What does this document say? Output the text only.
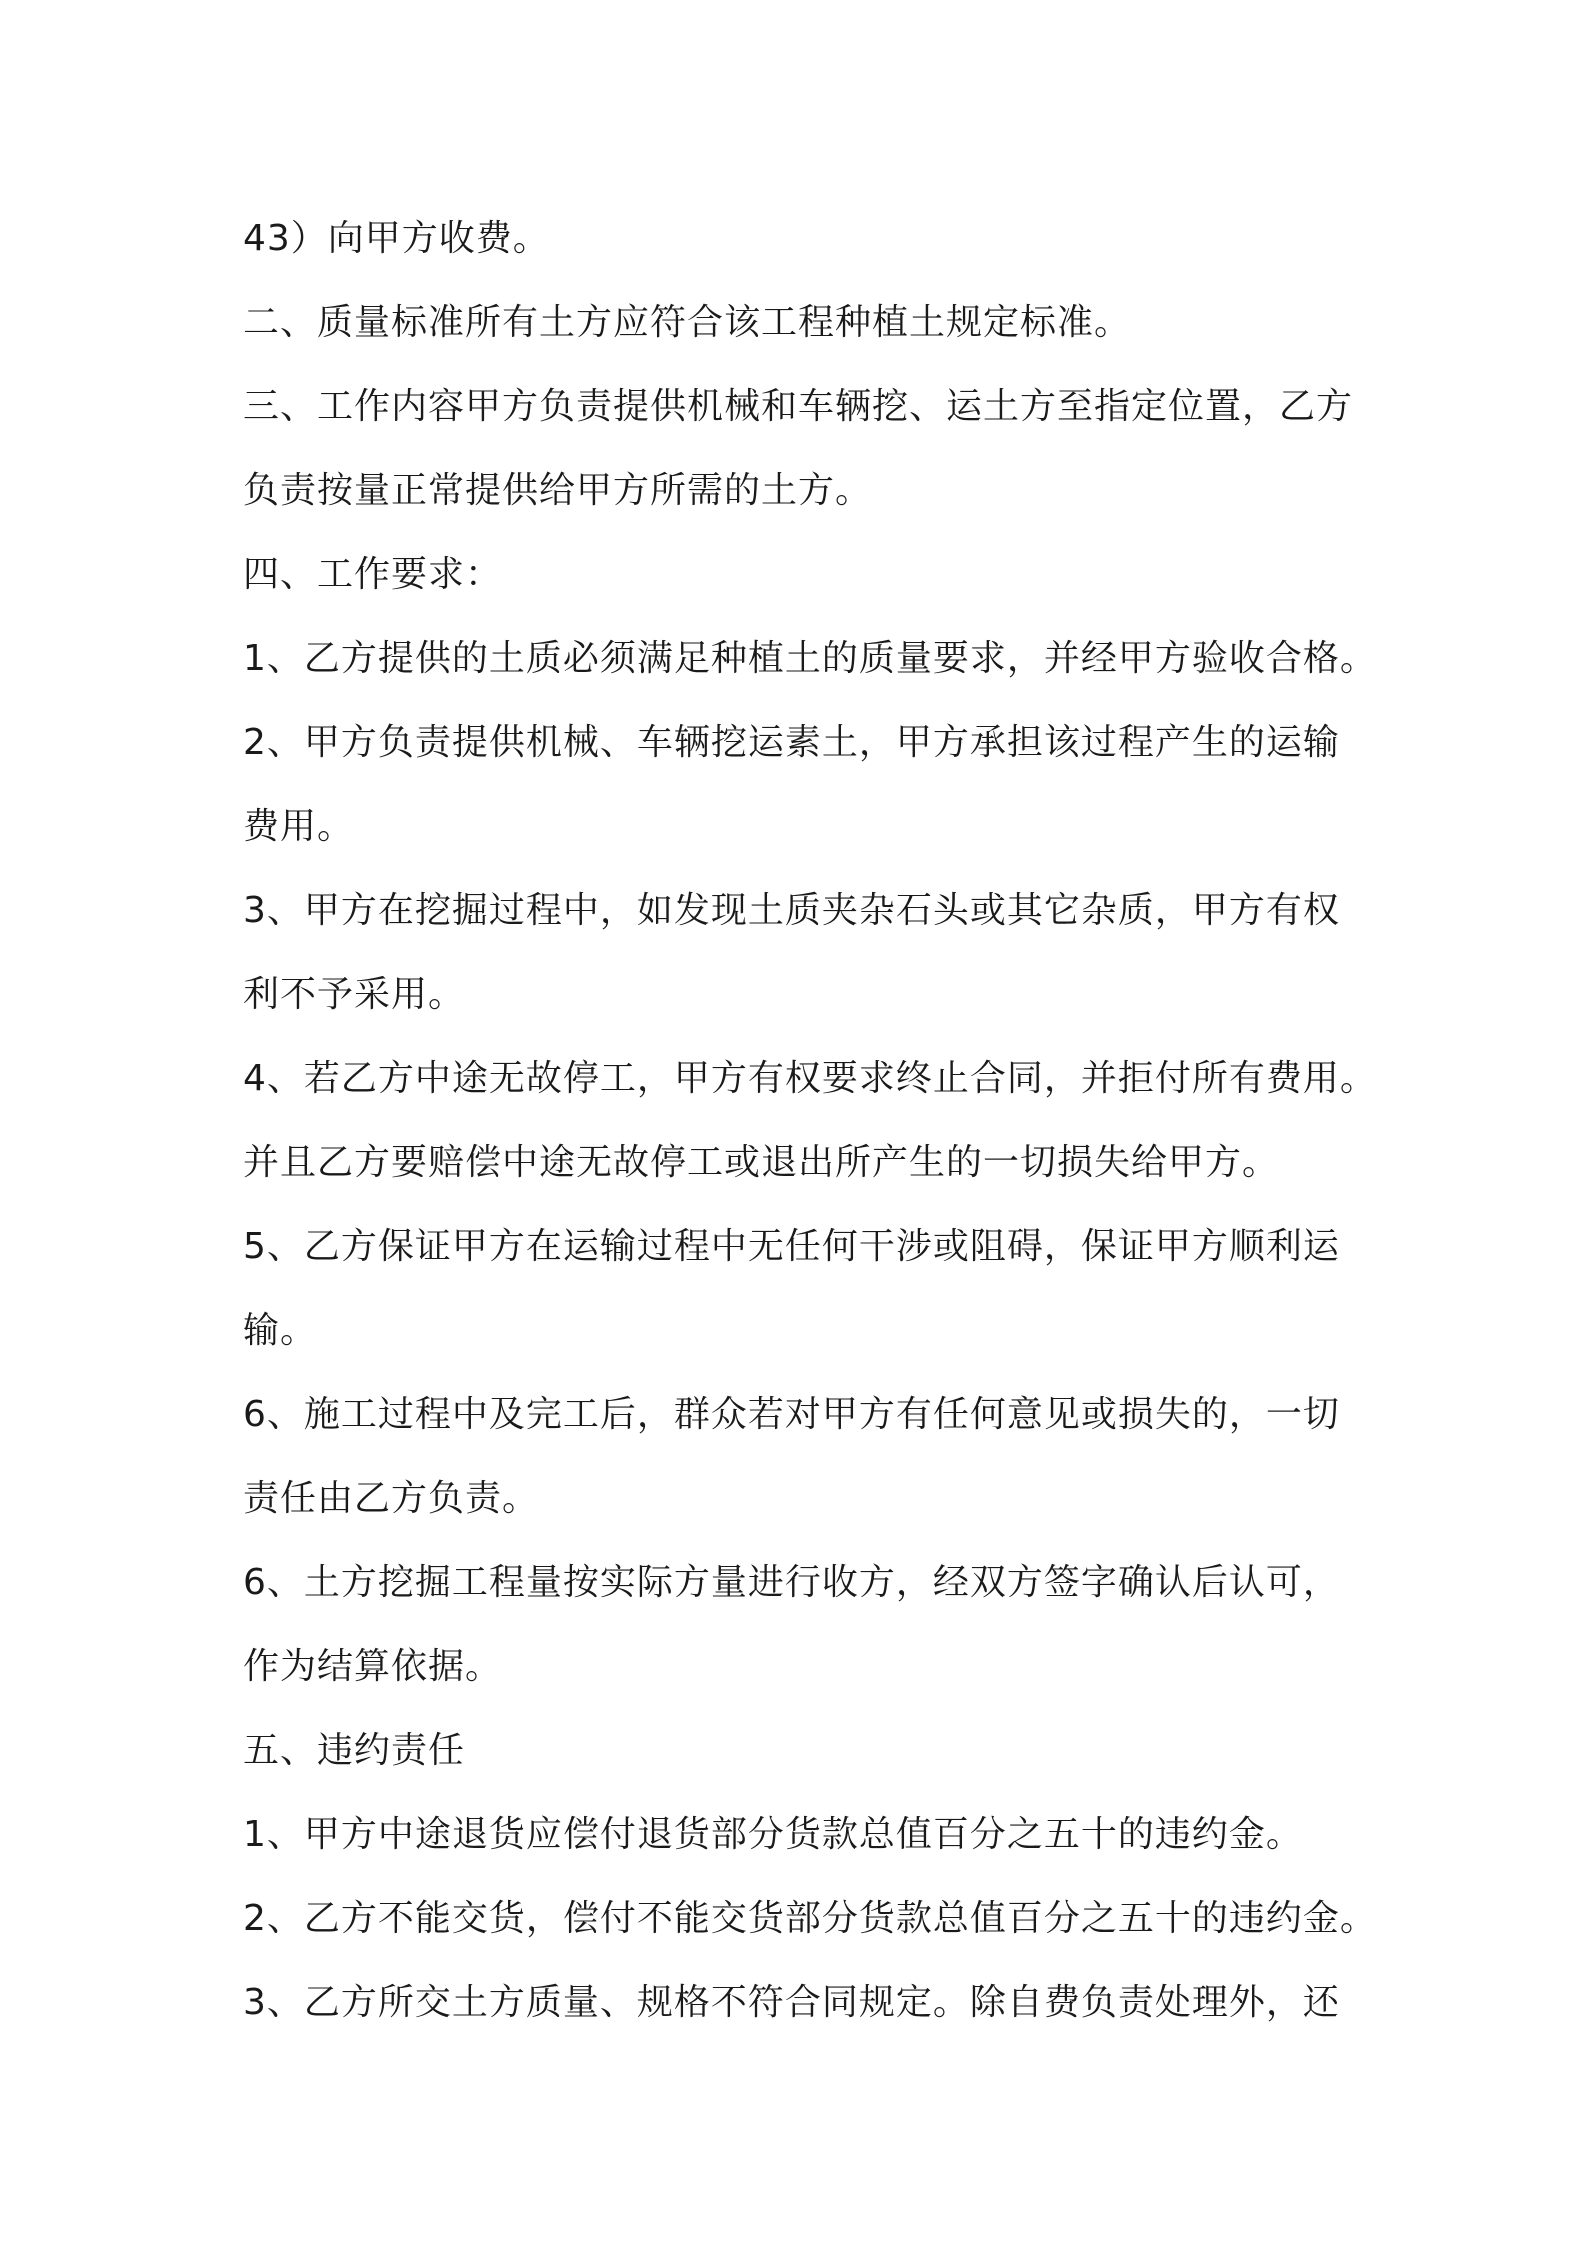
43）向甲方收费。
二、质量标准所有土方应符合该工程种植土规定标准。
三、工作内容甲方负责提供机械和车辆挖、运土方至指定位置，乙方
负责按量正常提供给甲方所需的土方。
四、工作要求：
1、乙方提供的土质必须满足种植土的质量要求，并经甲方验收合格。
2、甲方负责提供机械、车辆挖运素土，甲方承担该过程产生的运输
费用。
3、甲方在挖掘过程中，如发现土质夹杂石头或其它杂质，甲方有权
利不予采用。
4、若乙方中途无故停工，甲方有权要求终止合同，并拒付所有费用。
并且乙方要赔偿中途无故停工或退出所产生的一切损失给甲方。
5、乙方保证甲方在运输过程中无任何干涉或阻碍，保证甲方顺利运
输。
6、施工过程中及完工后，群众若对甲方有任何意见或损失的，一切
责任由乙方负责。
6、土方挖掘工程量按实际方量进行收方，经双方签字确认后认可，
作为结算依据。
五、违约责任
1、甲方中途退货应偿付退货部分货款总值百分之五十的违约金。
2、乙方不能交货，偿付不能交货部分货款总值百分之五十的违约金。
3、乙方所交土方质量、规格不符合同规定。除自费负责处理外，还
